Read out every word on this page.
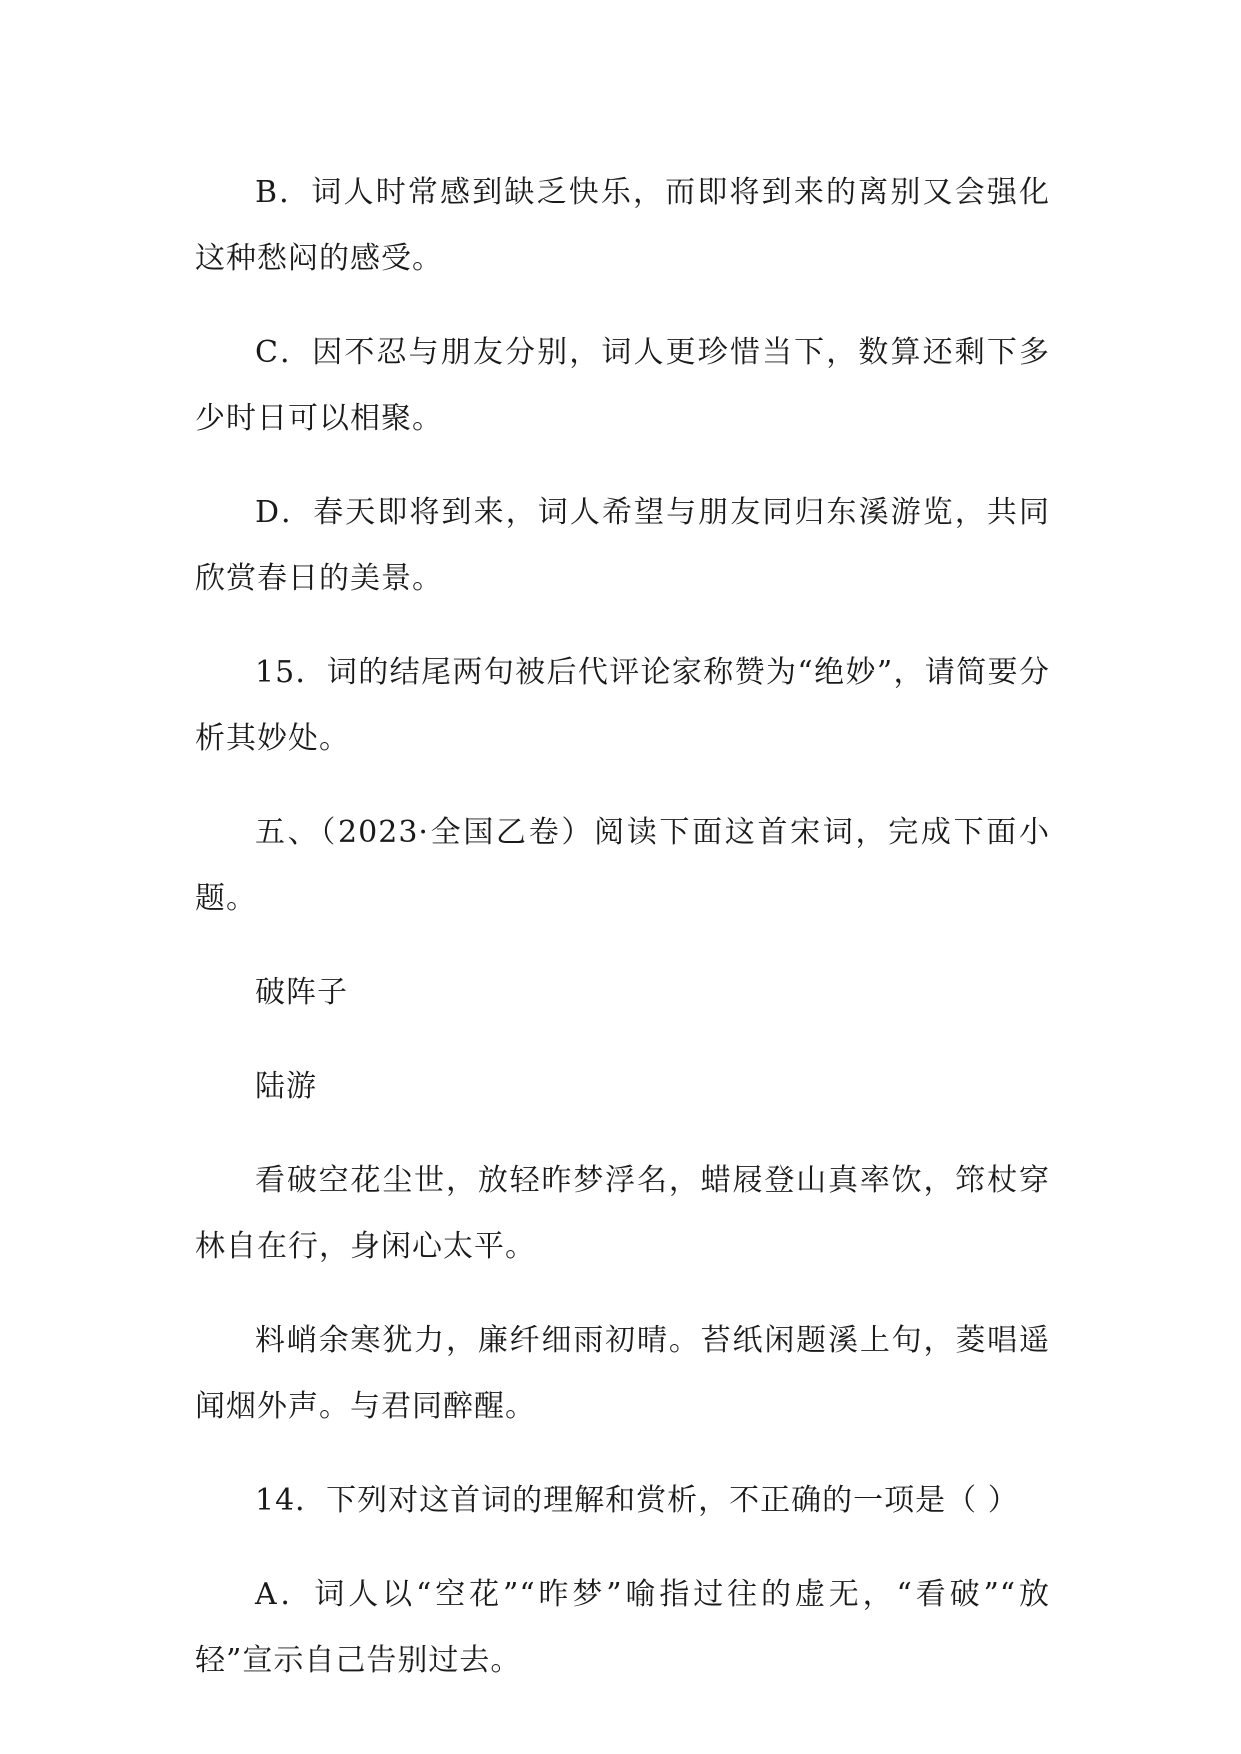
B．词人时常感到缺乏快乐，而即将到来的离别又会强化这种愁闷的感受。

C．因不忍与朋友分别，词人更珍惜当下，数算还剩下多少时日可以相聚。

D．春天即将到来，词人希望与朋友同归东溪游览，共同欣赏春日的美景。

15．词的结尾两句被后代评论家称赞为“绝妙”，请简要分析其妙处。

五、（2023·全国乙卷）阅读下面这首宋词，完成下面小题。

破阵子

陆游

看破空花尘世，放轻昨梦浮名，蜡屐登山真率饮，筇杖穿林自在行，身闲心太平。

料峭余寒犹力，廉纤细雨初晴。苔纸闲题溪上句，菱唱遥闻烟外声。与君同醉醒。

14．下列对这首词的理解和赏析，不正确的一项是（ ）

A．词人以“空花”“昨梦”喻指过往的虚无，“看破”“放轻”宣示自己告别过去。
